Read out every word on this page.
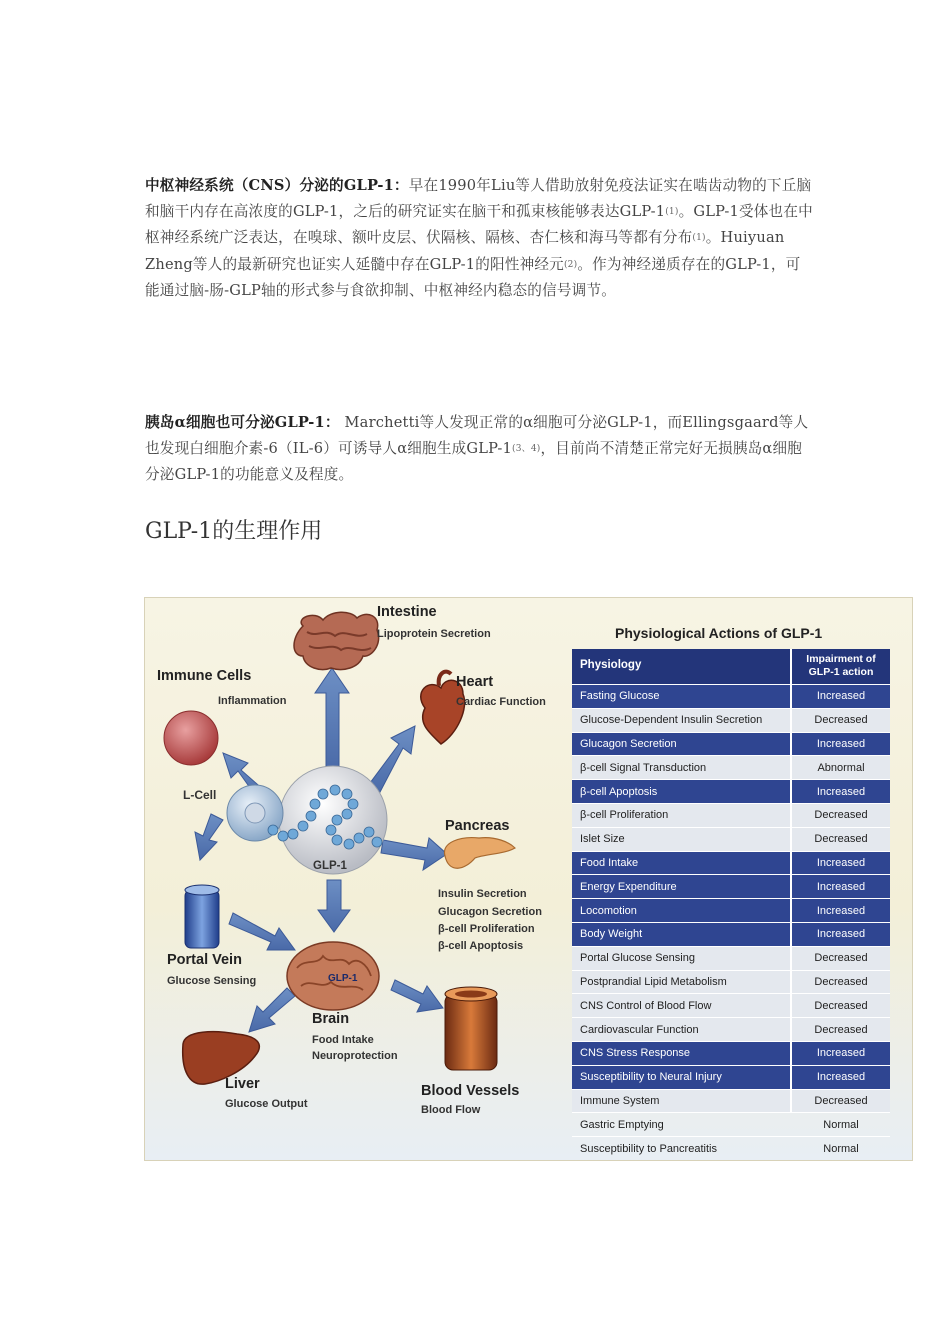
中枢神经系统（CNS）分泌的GLP-1：早在1990年Liu等人借助放射免疫法证实在啮齿动物的下丘脑和脑干内存在高浓度的GLP-1，之后的研究证实在脑干和孤束核能够表达GLP-1$^{(1)}$。GLP-1受体也在中枢神经系统广泛表达，在嗅球、额叶皮层、伏隔核、隔核、杏仁核和海马等都有分布$^{(1)}$。Huiyuan Zheng等人的最新研究也证实人延髓中存在GLP-1的阳性神经元$^{(2)}$。作为神经递质存在的GLP-1，可能通过脑-肠-GLP轴的形式参与食欲抑制、中枢神经内稳态的信号调节。
胰岛α细胞也可分泌GLP-1： Marchetti等人发现正常的α细胞可分泌GLP-1，而Ellingsgaard等人也发现白细胞介素-6（IL-6）可诱导人α细胞生成GLP-$1^{(3、4)}$，目前尚不清楚正常完好无损胰岛α细胞分泌GLP-1的功能意义及程度。
GLP-1的生理作用
Intestine
Lipoprotein Secretion
Immune Cells
Inflammation
Heart
Cardiac Function
L-Cell
GLP-1
Pancreas
Insulin Secretion
Glucagon Secretion
β-cell Proliferation
β-cell Apoptosis
Portal Vein
Glucose Sensing	GLP-1
Brain
Food Intake
Neuroprotection
Liver
Glucose Output
Blood Vessels
Blood Flow
Physiological Actions of GLP-1
Physiology	Impairment of
GLP-1 action
Fasting Glucose	Increased
Glucose-Dependent Insulin Secretion	Decreased
Glucagon Secretion	Increased
β-cell Signal Transduction	Abnormal
β-cell Apoptosis	Increased
β-cell Proliferation	Decreased
Islet Size	Decreased
Food Intake	Increased
Energy Expenditure	Increased
Locomotion	Increased
Body Weight	Increased
Portal Glucose Sensing	Decreased
Postprandial Lipid Metabolism	Decreased
CNS Control of Blood Flow	Decreased
Cardiovascular Function	Decreased
CNS Stress Response	Increased
Susceptibility to Neural Injury	Increased
Immune System	Decreased
Gastric Emptying	Normal
Susceptibility to Pancreatitis	Normal
